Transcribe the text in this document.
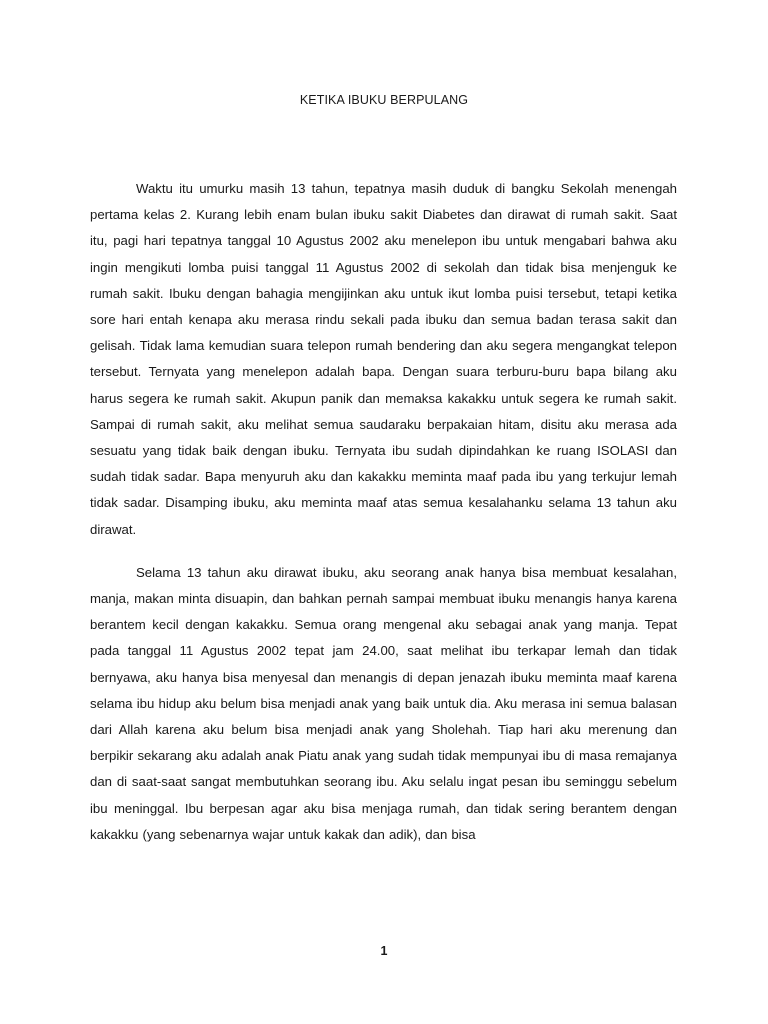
KETIKA IBUKU BERPULANG

Waktu itu umurku masih 13 tahun, tepatnya masih duduk di bangku Sekolah menengah pertama kelas 2. Kurang lebih enam bulan ibuku sakit Diabetes dan dirawat di rumah sakit. Saat itu, pagi hari tepatnya tanggal 10 Agustus 2002 aku menelepon ibu untuk mengabari bahwa aku ingin mengikuti lomba puisi tanggal 11 Agustus 2002 di sekolah dan tidak bisa menjenguk ke rumah sakit. Ibuku dengan bahagia mengijinkan aku untuk ikut lomba puisi tersebut, tetapi ketika sore hari entah kenapa aku merasa rindu sekali pada ibuku dan semua badan terasa sakit dan gelisah. Tidak lama kemudian suara telepon rumah bendering dan aku segera mengangkat telepon tersebut. Ternyata yang menelepon adalah bapa. Dengan suara terburu-buru bapa bilang aku harus segera ke rumah sakit. Akupun panik dan memaksa kakakku untuk segera ke rumah sakit. Sampai di rumah sakit, aku melihat semua saudaraku berpakaian hitam, disitu aku merasa ada sesuatu yang tidak baik dengan ibuku. Ternyata ibu sudah dipindahkan ke ruang ISOLASI dan sudah tidak sadar. Bapa menyuruh aku dan kakakku meminta maaf pada ibu yang terkujur lemah tidak sadar. Disamping ibuku, aku meminta maaf atas semua kesalahanku selama 13 tahun aku dirawat.

Selama 13 tahun aku dirawat ibuku, aku seorang anak hanya bisa membuat kesalahan, manja, makan minta disuapin, dan bahkan pernah sampai membuat ibuku menangis hanya karena berantem kecil dengan kakakku. Semua orang mengenal aku sebagai anak yang manja. Tepat pada tanggal 11 Agustus 2002 tepat jam 24.00, saat melihat ibu terkapar lemah dan tidak bernyawa, aku hanya bisa menyesal dan menangis di depan jenazah ibuku meminta maaf karena selama ibu hidup aku belum bisa menjadi anak yang baik untuk dia. Aku merasa ini semua balasan dari Allah karena aku belum bisa menjadi anak yang Sholehah. Tiap hari aku merenung dan berpikir sekarang aku adalah anak Piatu anak yang sudah tidak mempunyai ibu di masa remajanya dan di saat-saat sangat membutuhkan seorang ibu. Aku selalu ingat pesan ibu seminggu sebelum ibu meninggal. Ibu berpesan agar aku bisa menjaga rumah, dan tidak sering berantem dengan kakakku (yang sebenarnya wajar untuk kakak dan adik), dan bisa

1
